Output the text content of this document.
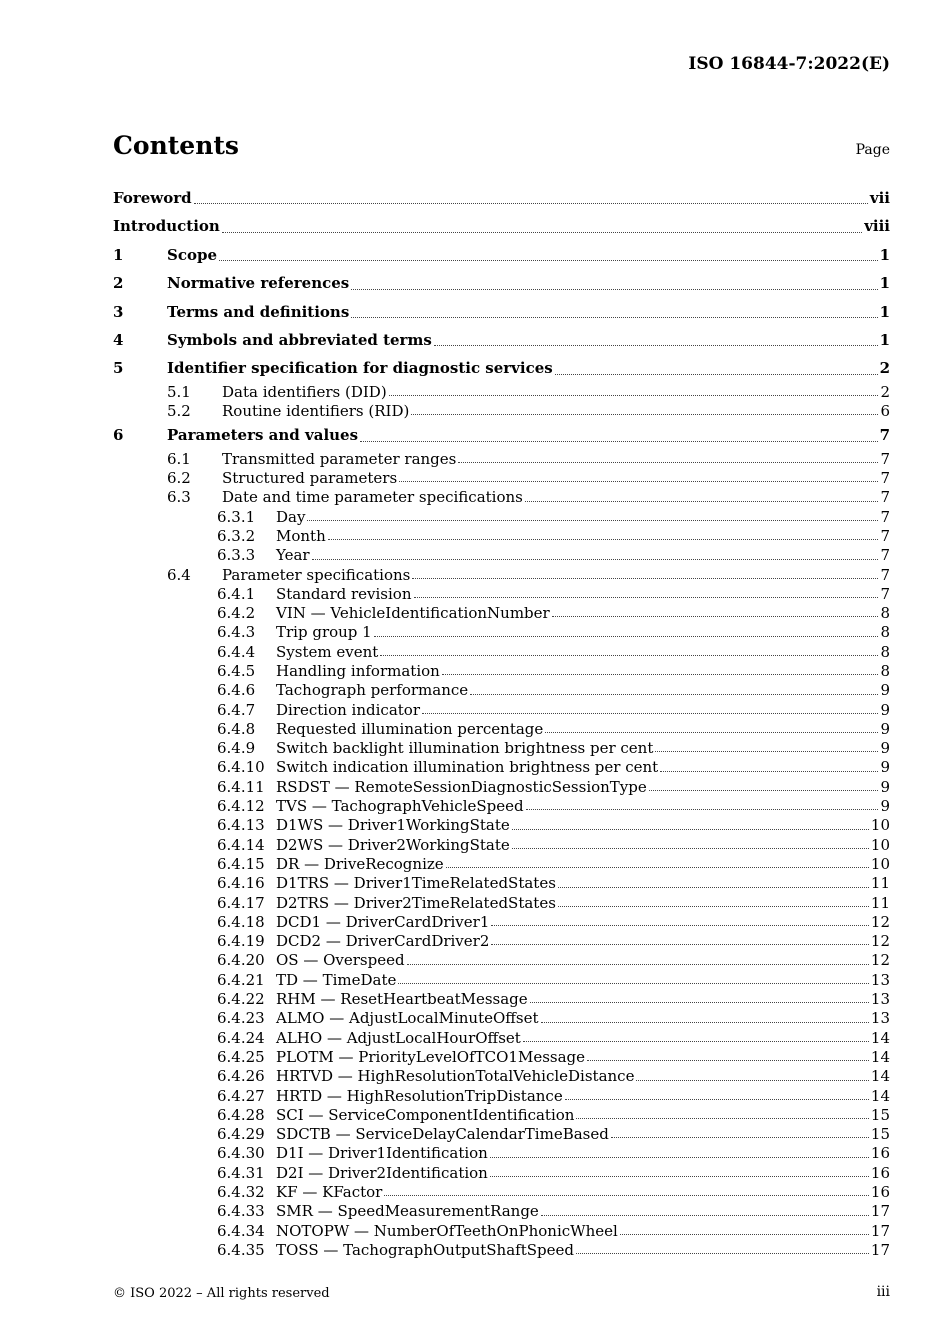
ISO 16844-7:2022(E)
Contents	Page
Foreword	vii
Introduction	viii
1	Scope	1
2	Normative references	1
3	Terms and definitions	1
4	Symbols and abbreviated terms	1
5	Identifier specification for diagnostic services	2
5.1	Data identifiers (DID)	2
5.2	Routine identifiers (RID)	6
6	Parameters and values	7
6.1	Transmitted parameter ranges	7
6.2	Structured parameters	7
6.3	Date and time parameter specifications	7
6.3.1	Day	7
6.3.2	Month	7
6.3.3	Year	7
6.4	Parameter specifications	7
6.4.1	Standard revision	7
6.4.2	VIN — VehicleIdentificationNumber	8
6.4.3	Trip group 1	8
6.4.4	System event	8
6.4.5	Handling information	8
6.4.6	Tachograph performance	9
6.4.7	Direction indicator	9
6.4.8	Requested illumination percentage	9
6.4.9	Switch backlight illumination brightness per cent	9
6.4.10 Switch indication illumination brightness per cent	9
6.4.11 RSDST — RemoteSessionDiagnosticSessionType	9
6.4.12 TVS — TachographVehicleSpeed	9
6.4.13 D1WS — Driver1WorkingState	10
6.4.14 D2WS — Driver2WorkingState	10
6.4.15 DR — DriveRecognize	10
6.4.16 D1TRS — Driver1TimeRelatedStates	11
6.4.17 D2TRS — Driver2TimeRelatedStates	11
6.4.18 DCD1 — DriverCardDriver1	12
6.4.19 DCD2 — DriverCardDriver2	12
6.4.20 OS — Overspeed	12
6.4.21 TD — TimeDate	13
6.4.22 RHM — ResetHeartbeatMessage	13
6.4.23 ALMO — AdjustLocalMinuteOffset	13
6.4.24 ALHO — AdjustLocalHourOffset	14
6.4.25 PLOTM — PriorityLevelOfTCO1Message	14
6.4.26 HRTVD — HighResolutionTotalVehicleDistance	14
6.4.27 HRTD — HighResolutionTripDistance	14
6.4.28 SCI — ServiceComponentIdentification	15
6.4.29 SDCTB — ServiceDelayCalendarTimeBased	15
6.4.30 D1I — Driver1Identification	16
6.4.31 D2I — Driver2Identification	16
6.4.32 KF — KFactor	16
6.4.33 SMR — SpeedMeasurementRange	17
6.4.34 NOTOPW — NumberOfTeethOnPhonicWheel	17
6.4.35 TOSS — TachographOutputShaftSpeed	17
© ISO 2022 – All rights reserved	iii
